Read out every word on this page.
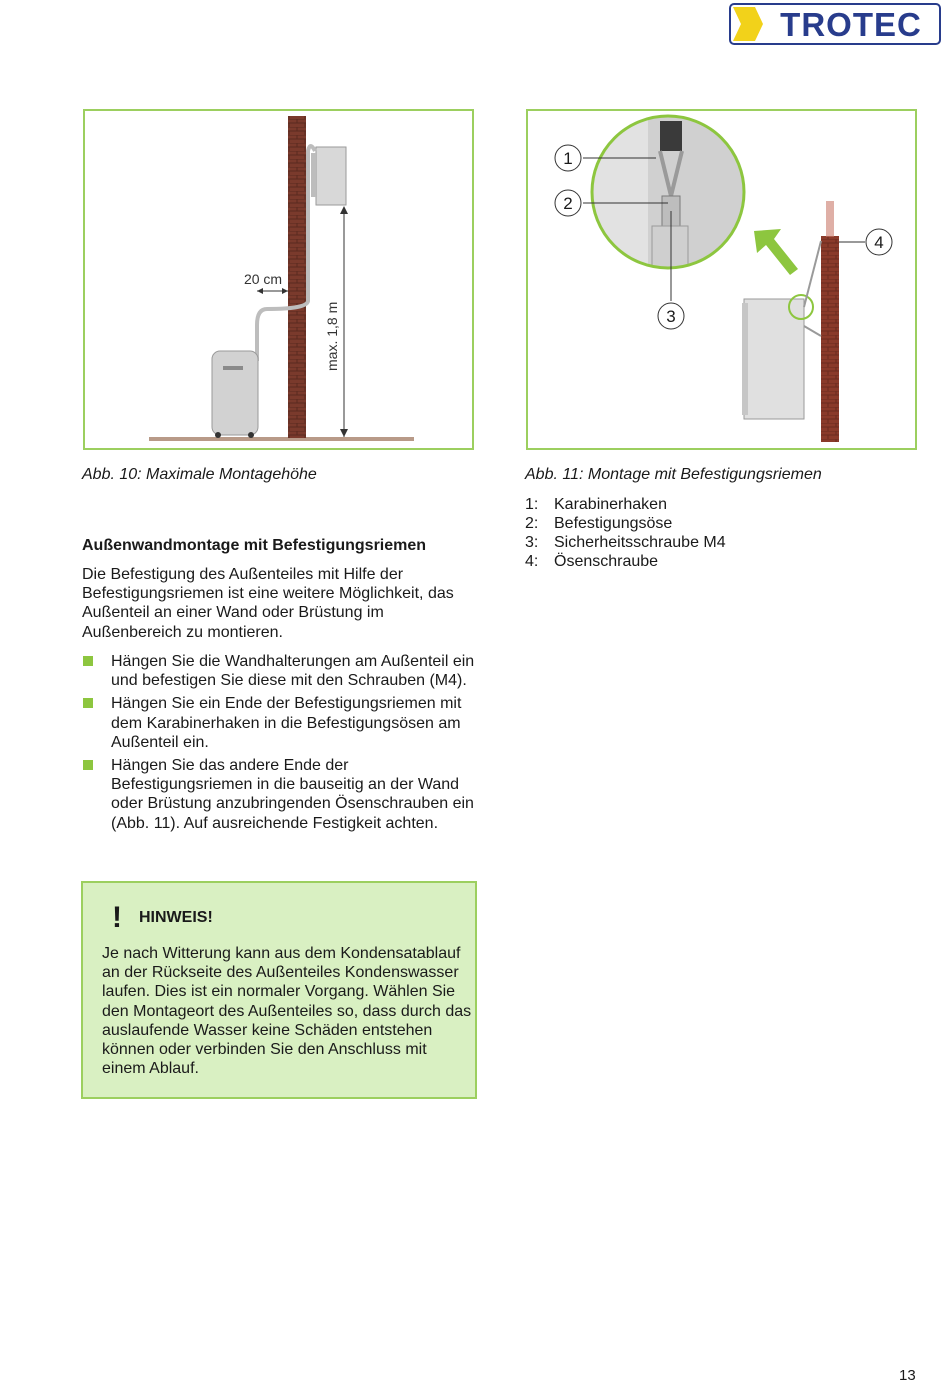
TROTEC
20 cm
max. 1,8 m
Abb. 10: Maximale Montagehöhe
1
2
3
4
Abb. 11: Montage mit Befestigungsriemen
1: Karabinerhaken
2: Befestigungsöse
3: Sicherheitsschraube M4
4: Ösenschraube
Außenwandmontage mit Befestigungsriemen
Die Befestigung des Außenteiles mit Hilfe der Befestigungsriemen ist eine weitere Möglichkeit, das Außenteil an einer Wand oder Brüstung im Außenbereich zu montieren.
Hängen Sie die Wandhalterungen am Außenteil ein und befestigen Sie diese mit den Schrauben (M4).
Hängen Sie ein Ende der Befestigungsriemen mit dem Karabinerhaken in die Befestigungsösen am Außenteil ein.
Hängen Sie das andere Ende der Befestigungsriemen in die bauseitig an der Wand oder Brüstung anzubringenden Ösenschrauben ein (Abb. 11). Auf ausreichende Festigkeit achten.
! HINWEIS!
Je nach Witterung kann aus dem Kondensatablauf an der Rückseite des Außenteiles Kondenswasser laufen. Dies ist ein normaler Vorgang. Wählen Sie den Montageort des Außenteiles so, dass durch das auslaufende Wasser keine Schäden entstehen können oder verbinden Sie den Anschluss mit einem Ablauf.
13
